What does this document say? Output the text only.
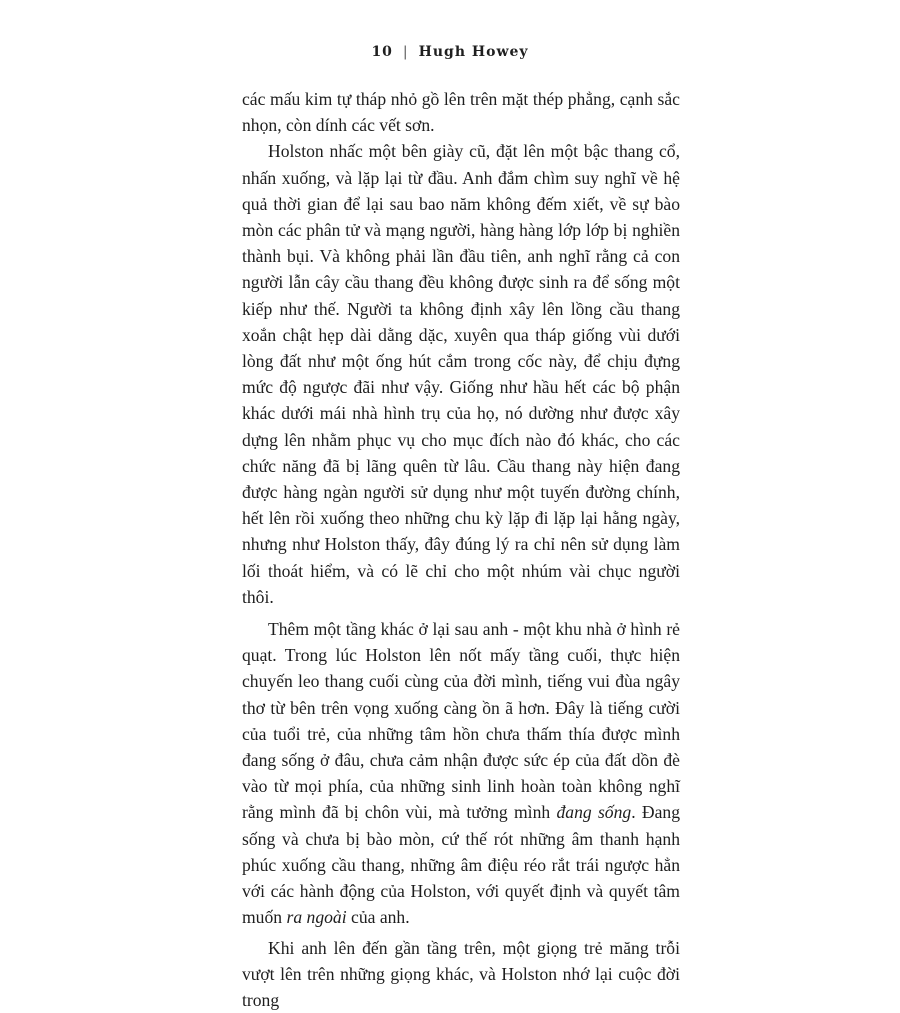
10 | Hugh Howey

các mấu kim tự tháp nhỏ gồ lên trên mặt thép phẳng, cạnh sắc nhọn, còn dính các vết sơn.

Holston nhấc một bên giày cũ, đặt lên một bậc thang cổ, nhấn xuống, và lặp lại từ đầu. Anh đắm chìm suy nghĩ về hệ quả thời gian để lại sau bao năm không đếm xiết, về sự bào mòn các phân tử và mạng người, hàng hàng lớp lớp bị nghiền thành bụi. Và không phải lần đầu tiên, anh nghĩ rằng cả con người lẫn cây cầu thang đều không được sinh ra để sống một kiếp như thế. Người ta không định xây lên lồng cầu thang xoắn chật hẹp dài dằng dặc, xuyên qua tháp giống vùi dưới lòng đất như một ống hút cắm trong cốc này, để chịu đựng mức độ ngược đãi như vậy. Giống như hầu hết các bộ phận khác dưới mái nhà hình trụ của họ, nó dường như được xây dựng lên nhằm phục vụ cho mục đích nào đó khác, cho các chức năng đã bị lãng quên từ lâu. Cầu thang này hiện đang được hàng ngàn người sử dụng như một tuyến đường chính, hết lên rồi xuống theo những chu kỳ lặp đi lặp lại hằng ngày, nhưng như Holston thấy, đây đúng lý ra chỉ nên sử dụng làm lối thoát hiểm, và có lẽ chỉ cho một nhúm vài chục người thôi.

Thêm một tầng khác ở lại sau anh - một khu nhà ở hình rẻ quạt. Trong lúc Holston lên nốt mấy tầng cuối, thực hiện chuyến leo thang cuối cùng của đời mình, tiếng vui đùa ngây thơ từ bên trên vọng xuống càng ồn ã hơn. Đây là tiếng cười của tuổi trẻ, của những tâm hồn chưa thấm thía được mình đang sống ở đâu, chưa cảm nhận được sức ép của đất dồn đè vào từ mọi phía, của những sinh linh hoàn toàn không nghĩ rằng mình đã bị chôn vùi, mà tưởng mình đang sống. Đang sống và chưa bị bào mòn, cứ thế rót những âm thanh hạnh phúc xuống cầu thang, những âm điệu réo rắt trái ngược hẳn với các hành động của Holston, với quyết định và quyết tâm muốn ra ngoài của anh.

Khi anh lên đến gần tầng trên, một giọng trẻ măng trỗi vượt lên trên những giọng khác, và Holston nhớ lại cuộc đời trong
